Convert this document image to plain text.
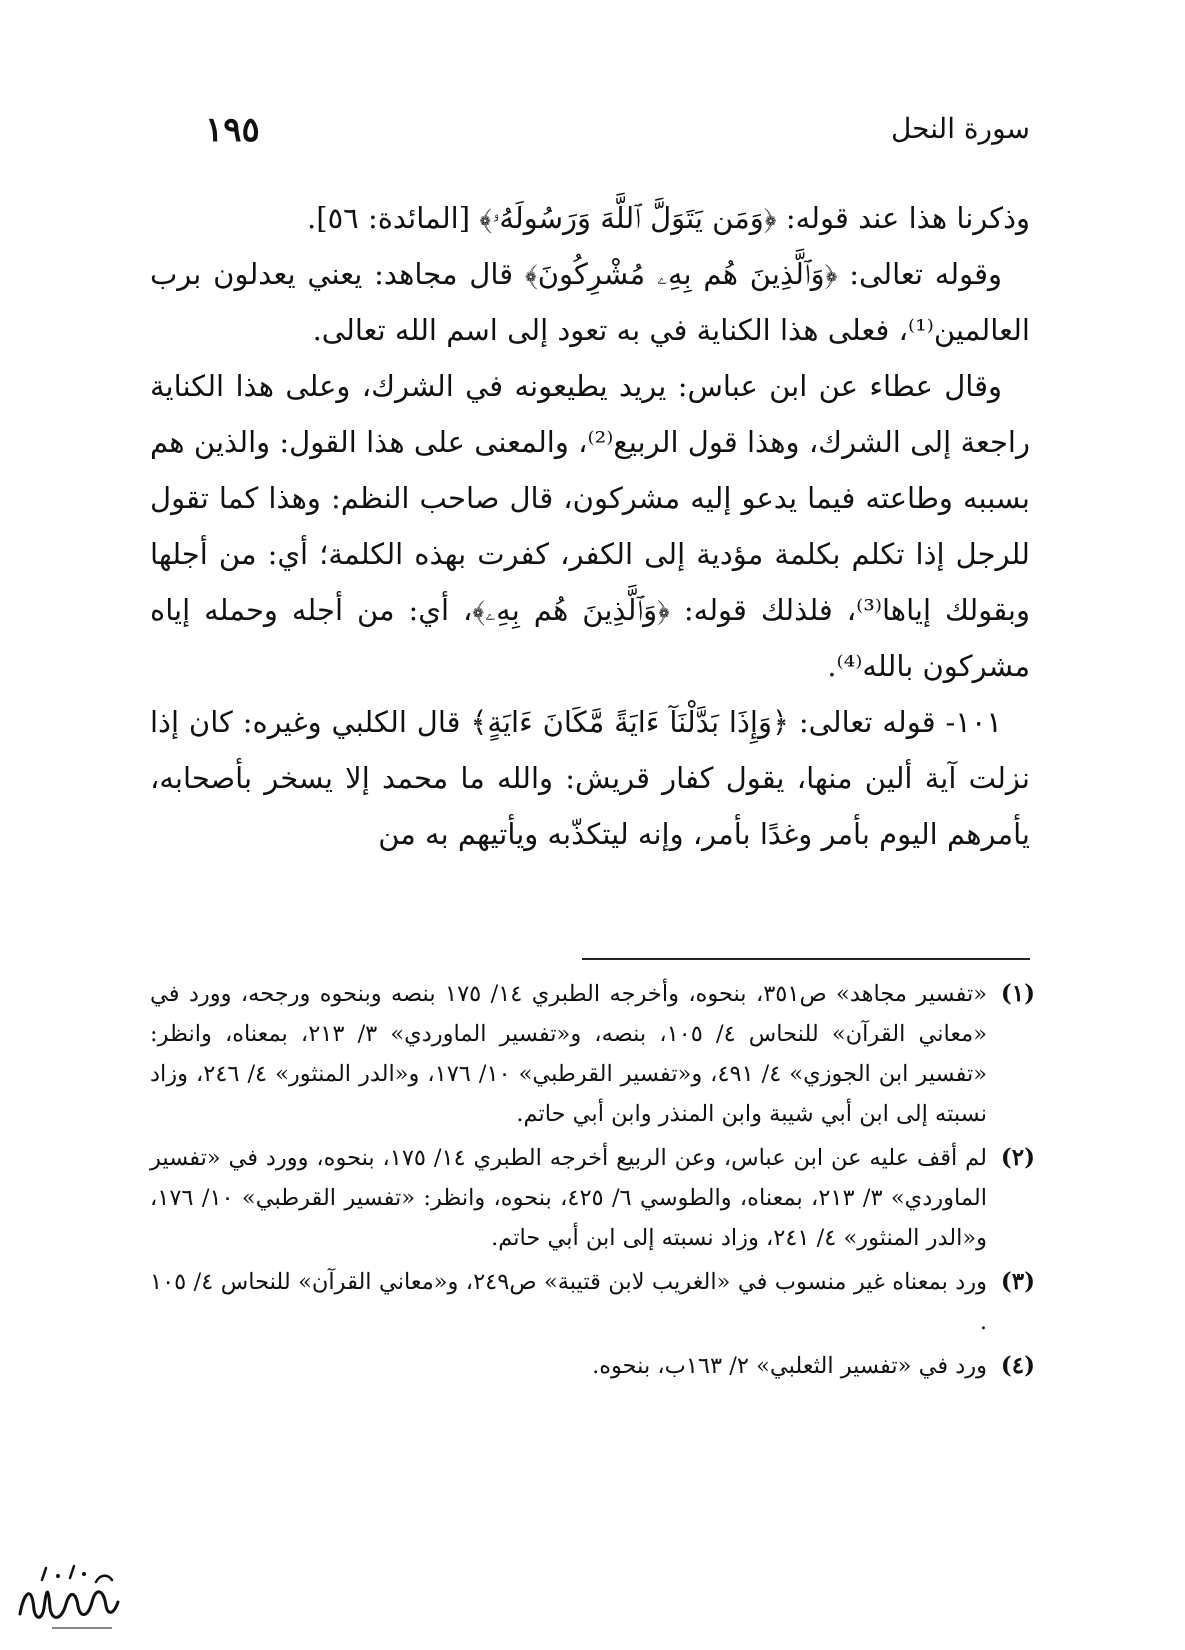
سورة النحل
١٩٥

وذكرنا هذا عند قوله: ﴿وَمَن يَتَوَلَّ ٱللَّهَ وَرَسُولَهُۥ﴾ [المائدة: ٥٦].

وقوله تعالى: ﴿وَٱلَّذِينَ هُم بِهِۦ مُشْرِكُونَ﴾ قال مجاهد: يعني يعدلون برب العالمين⁽¹⁾، فعلى هذا الكناية في به تعود إلى اسم الله تعالى.

وقال عطاء عن ابن عباس: يريد يطيعونه في الشرك، وعلى هذا الكناية راجعة إلى الشرك، وهذا قول الربيع⁽²⁾، والمعنى على هذا القول: والذين هم بسببه وطاعته فيما يدعو إليه مشركون، قال صاحب النظم: وهذا كما تقول للرجل إذا تكلم بكلمة مؤدية إلى الكفر، كفرت بهذه الكلمة؛ أي: من أجلها وبقولك إياها⁽³⁾، فلذلك قوله: ﴿وَٱلَّذِينَ هُم بِهِۦ﴾، أي: من أجله وحمله إياه مشركون بالله⁽⁴⁾.

١٠١- قوله تعالى: ﴿وَإِذَا بَدَّلْنَآ ءَايَةً مَّكَانَ ءَايَةٍ﴾ قال الكلبي وغيره: كان إذا نزلت آية ألين منها، يقول كفار قريش: والله ما محمد إلا يسخر بأصحابه، يأمرهم اليوم بأمر وغدًا بأمر، وإنه ليتكذّبه ويأتيهم به من

(١)
«تفسير مجاهد» ص٣٥١، بنحوه، وأخرجه الطبري ١٤/ ١٧٥ بنصه وبنحوه ورجحه، وورد في «معاني القرآن» للنحاس ٤/ ١٠٥، بنصه، و«تفسير الماوردي» ٣/ ٢١٣، بمعناه، وانظر: «تفسير ابن الجوزي» ٤/ ٤٩١، و«تفسير القرطبي» ١٠/ ١٧٦، و«الدر المنثور» ٤/ ٢٤٦، وزاد نسبته إلى ابن أبي شيبة وابن المنذر وابن أبي حاتم.
(٢)
لم أقف عليه عن ابن عباس، وعن الربيع أخرجه الطبري ١٤/ ١٧٥، بنحوه، وورد في «تفسير الماوردي» ٣/ ٢١٣، بمعناه، والطوسي ٦/ ٤٢٥، بنحوه، وانظر: «تفسير القرطبي» ١٠/ ١٧٦، و«الدر المنثور» ٤/ ٢٤١، وزاد نسبته إلى ابن أبي حاتم.
(٣)
ورد بمعناه غير منسوب في «الغريب لابن قتيبة» ص٢٤٩، و«معاني القرآن» للنحاس ٤/ ١٠٥ .
(٤)
ورد في «تفسير الثعلبي» ٢/ ١٦٣ب، بنحوه.
